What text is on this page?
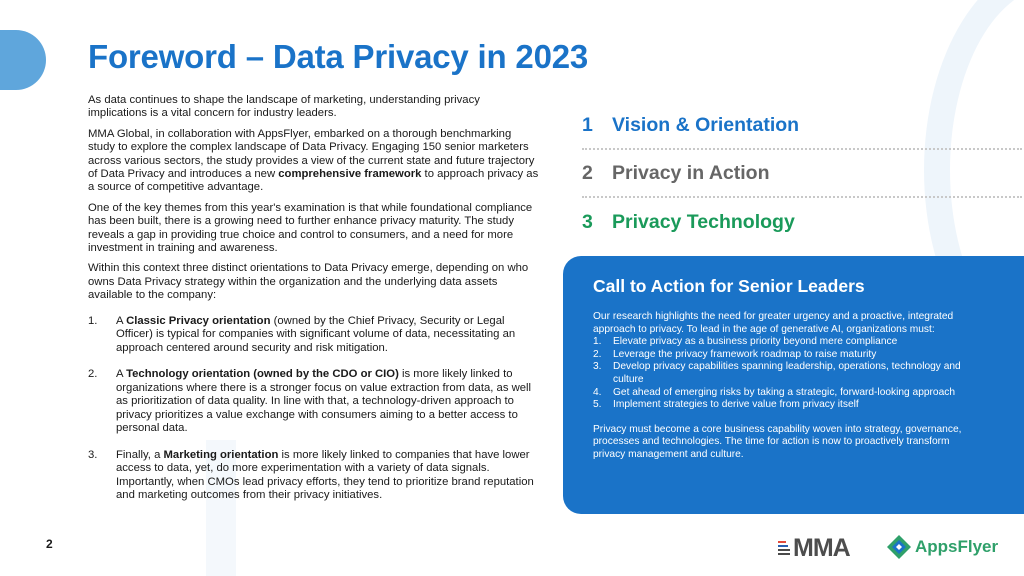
Foreword – Data Privacy in 2023

As data continues to shape the landscape of marketing, understanding privacy implications is a vital concern for industry leaders.

MMA Global, in collaboration with AppsFlyer, embarked on a thorough benchmarking study to explore the complex landscape of Data Privacy. Engaging 150 senior marketers across various sectors, the study provides a view of the current state and future trajectory of Data Privacy and introduces a new comprehensive framework to approach privacy as a source of competitive advantage.

One of the key themes from this year's examination is that while foundational compliance has been built, there is a growing need to further enhance privacy maturity. The study reveals a gap in providing true choice and control to consumers, and a need for more investment in training and awareness.

Within this context three distinct orientations to Data Privacy emerge, depending on who owns Data Privacy strategy within the organization and the underlying data assets available to the company:

1. A Classic Privacy orientation (owned by the Chief Privacy, Security or Legal Officer) is typical for companies with significant volume of data, necessitating an approach centered around security and risk mitigation.
2. A Technology orientation (owned by the CDO or CIO) is more likely linked to organizations where there is a stronger focus on value extraction from data, as well as prioritization of data quality. In line with that, a technology-driven approach to privacy prioritizes a value exchange with consumers aiming to a better access to personal data.
3. Finally, a Marketing orientation is more likely linked to companies that have lower access to data, yet, do more experimentation with a variety of data signals. Importantly, when CMOs lead privacy efforts, they tend to prioritize brand reputation and marketing outcomes from their privacy initiatives.
1 Vision & Orientation
2 Privacy in Action
3 Privacy Technology
Call to Action for Senior Leaders

Our research highlights the need for greater urgency and a proactive, integrated approach to privacy. To lead in the age of generative AI, organizations must:

1. Elevate privacy as a business priority beyond mere compliance
2. Leverage the privacy framework roadmap to raise maturity
3. Develop privacy capabilities spanning leadership, operations, technology and culture
4. Get ahead of emerging risks by taking a strategic, forward-looking approach
5. Implement strategies to derive value from privacy itself

Privacy must become a core business capability woven into strategy, governance, processes and technologies. The time for action is now to proactively transform privacy management and culture.

2	MMA	AppsFlyer
